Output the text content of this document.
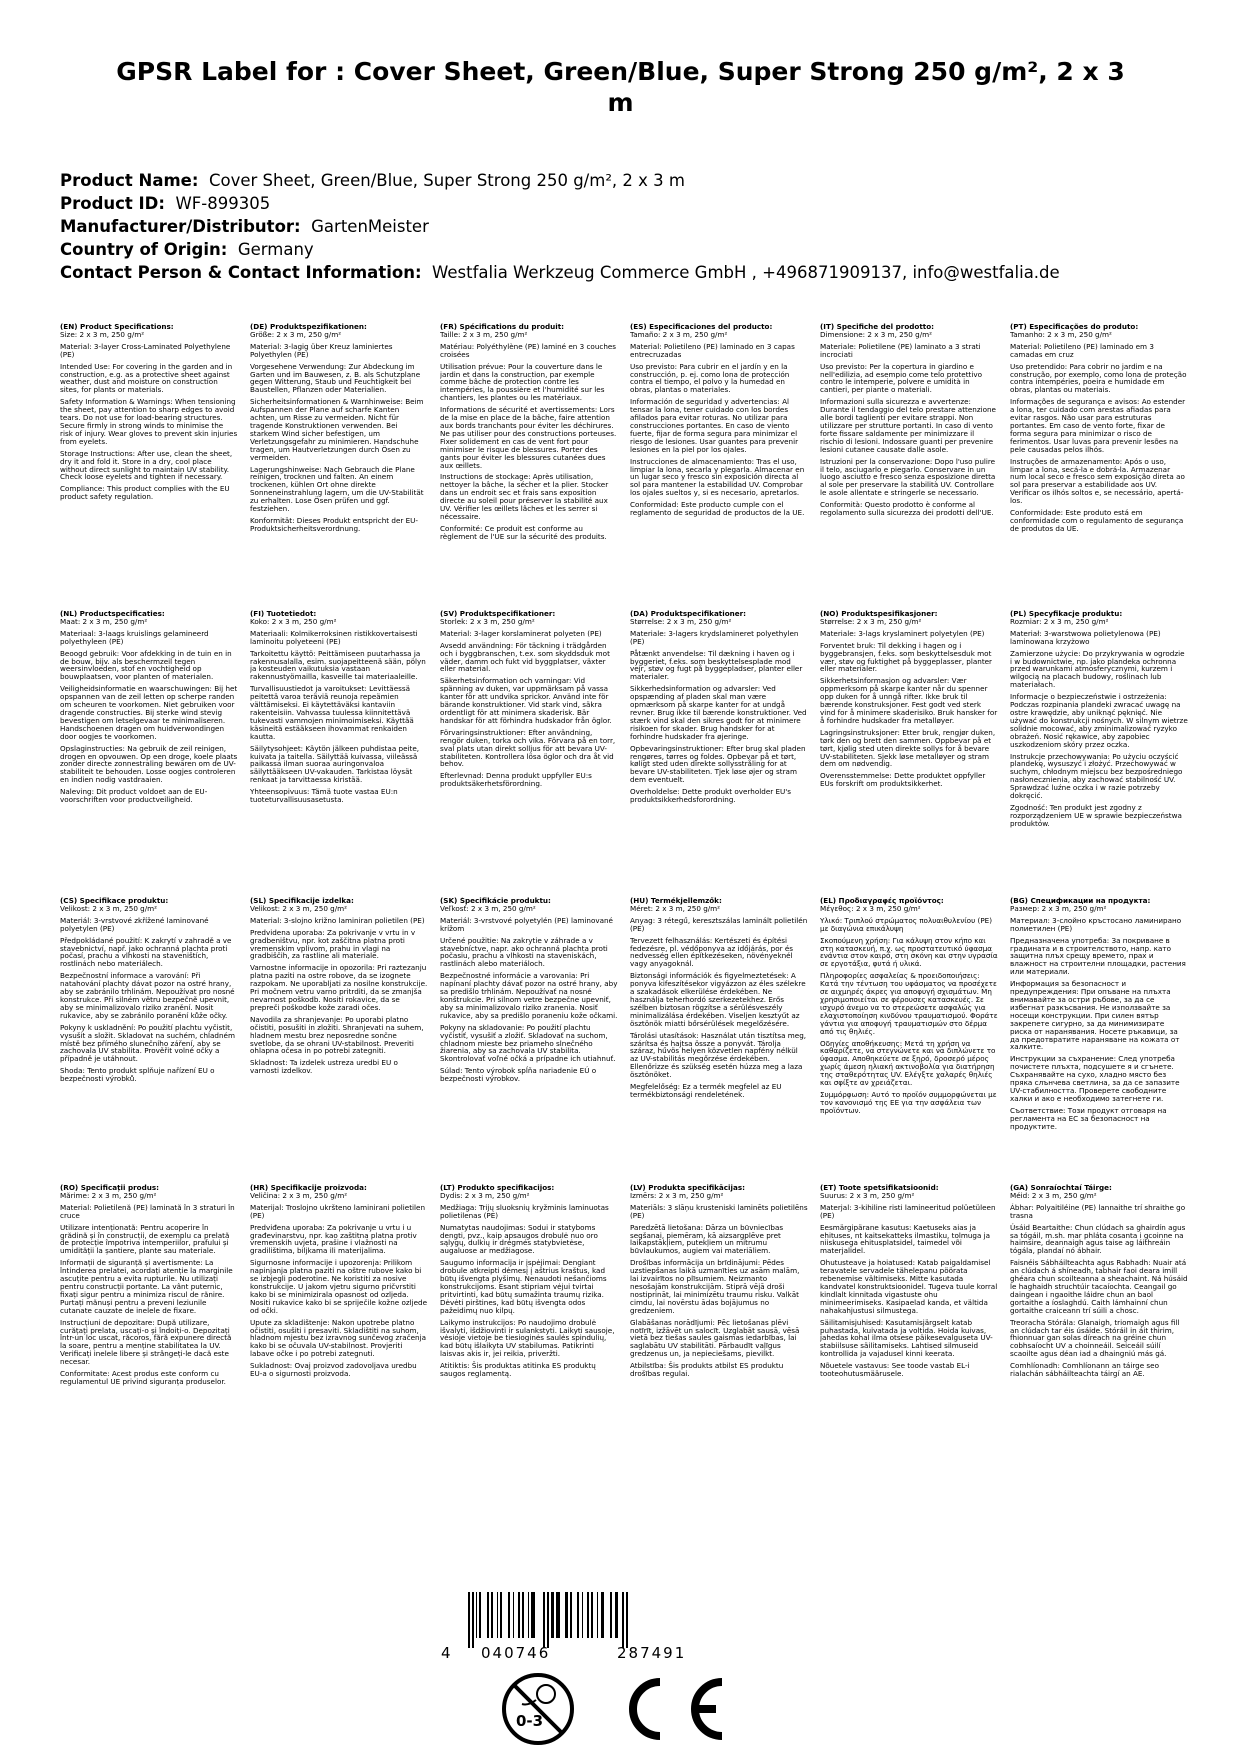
GPSR Label for : Cover Sheet, Green/Blue, Super Strong 250 g/m², 2 x 3 m
Product Name: Cover Sheet, Green/Blue, Super Strong 250 g/m², 2 x 3 m
Product ID: WF-899305
Manufacturer/Distributor: GartenMeister
Country of Origin: Germany
Contact Person & Contact Information: Westfalia Werkzeug Commerce GmbH , +496871909137, info@westfalia.de
(EN) Product Specifications:

Size: 2 x 3 m, 250 g/m²

Material: 3-layer Cross-Laminated Polyethylene (PE)

Intended Use: For covering in the garden and in construction, e.g. as a protective sheet against weather, dust and moisture on construction sites, for plants or materials.

Safety Information & Warnings: When tensioning the sheet, pay attention to sharp edges to avoid tears. Do not use for load-bearing structures. Secure firmly in strong winds to minimise the risk of injury. Wear gloves to prevent skin injuries from eyelets.

Storage Instructions: After use, clean the sheet, dry it and fold it. Store in a dry, cool place without direct sunlight to maintain UV stability. Check loose eyelets and tighten if necessary.

Compliance: This product complies with the EU product safety regulation.

(DE) Produktspezifikationen:

Größe: 2 x 3 m, 250 g/m²

Material: 3-lagig über Kreuz laminiertes Polyethylen (PE)

Vorgesehene Verwendung: Zur Abdeckung im Garten und im Bauwesen, z. B. als Schutzplane gegen Witterung, Staub und Feuchtigkeit bei Baustellen, Pflanzen oder Materialien.

Sicherheitsinformationen & Warnhinweise: Beim Aufspannen der Plane auf scharfe Kanten achten, um Risse zu vermeiden. Nicht für tragende Konstruktionen verwenden. Bei starkem Wind sicher befestigen, um Verletzungsgefahr zu minimieren. Handschuhe tragen, um Hautverletzungen durch Ösen zu vermeiden.

Lagerungshinweise: Nach Gebrauch die Plane reinigen, trocknen und falten. An einem trockenen, kühlen Ort ohne direkte Sonneneinstrahlung lagern, um die UV-Stabilität zu erhalten. Lose Ösen prüfen und ggf. festziehen.

Konformität: Dieses Produkt entspricht der EU-Produktsicherheitsverordnung.

(FR) Spécifications du produit:

Taille: 2 x 3 m, 250 g/m²

Matériau: Polyéthylène (PE) laminé en 3 couches croisées

Utilisation prévue: Pour la couverture dans le jardin et dans la construction, par exemple comme bâche de protection contre les intempéries, la poussière et l'humidité sur les chantiers, les plantes ou les matériaux.

Informations de sécurité et avertissements: Lors de la mise en place de la bâche, faire attention aux bords tranchants pour éviter les déchirures. Ne pas utiliser pour des constructions porteuses. Fixer solidement en cas de vent fort pour minimiser le risque de blessures. Porter des gants pour éviter les blessures cutanées dues aux œillets.

Instructions de stockage: Après utilisation, nettoyer la bâche, la sécher et la plier. Stocker dans un endroit sec et frais sans exposition directe au soleil pour préserver la stabilité aux UV. Vérifier les œillets lâches et les serrer si nécessaire.

Conformité: Ce produit est conforme au règlement de l'UE sur la sécurité des produits.

(ES) Especificaciones del producto:

Tamaño: 2 x 3 m, 250 g/m²

Material: Polietileno (PE) laminado en 3 capas entrecruzadas

Uso previsto: Para cubrir en el jardín y en la construcción, p. ej. como lona de protección contra el tiempo, el polvo y la humedad en obras, plantas o materiales.

Información de seguridad y advertencias: Al tensar la lona, tener cuidado con los bordes afilados para evitar roturas. No utilizar para construcciones portantes. En caso de viento fuerte, fijar de forma segura para minimizar el riesgo de lesiones. Usar guantes para prevenir lesiones en la piel por los ojales.

Instrucciones de almacenamiento: Tras el uso, limpiar la lona, secarla y plegarla. Almacenar en un lugar seco y fresco sin exposición directa al sol para mantener la estabilidad UV. Comprobar los ojales sueltos y, si es necesario, apretarlos.

Conformidad: Este producto cumple con el reglamento de seguridad de productos de la UE.

(IT) Specifiche del prodotto:

Dimensione: 2 x 3 m, 250 g/m²

Materiale: Polietilene (PE) laminato a 3 strati incrociati

Uso previsto: Per la copertura in giardino e nell'edilizia, ad esempio come telo protettivo contro le intemperie, polvere e umidità in cantieri, per piante o materiali.

Informazioni sulla sicurezza e avvertenze: Durante il tendaggio del telo prestare attenzione alle bordi taglienti per evitare strappi. Non utilizzare per strutture portanti. In caso di vento forte fissare saldamente per minimizzare il rischio di lesioni. Indossare guanti per prevenire lesioni cutanee causate dalle asole.

Istruzioni per la conservazione: Dopo l'uso pulire il telo, asciugarlo e piegarlo. Conservare in un luogo asciutto e fresco senza esposizione diretta al sole per preservare la stabilità UV. Controllare le asole allentate e stringerle se necessario.

Conformità: Questo prodotto è conforme al regolamento sulla sicurezza dei prodotti dell'UE.

(PT) Especificações do produto:

Tamanho: 2 x 3 m, 250 g/m²

Material: Polietileno (PE) laminado em 3 camadas em cruz

Uso pretendido: Para cobrir no jardim e na construção, por exemplo, como lona de proteção contra intempéries, poeira e humidade em obras, plantas ou materiais.

Informações de segurança e avisos: Ao estender a lona, ter cuidado com arestas afiadas para evitar rasgos. Não usar para estruturas portantes. Em caso de vento forte, fixar de forma segura para minimizar o risco de ferimentos. Usar luvas para prevenir lesões na pele causadas pelos ilhós.

Instruções de armazenamento: Após o uso, limpar a lona, secá-la e dobrá-la. Armazenar num local seco e fresco sem exposição direta ao sol para preservar a estabilidade aos UV. Verificar os ilhós soltos e, se necessário, apertá-los.

Conformidade: Este produto está em conformidade com o regulamento de segurança de produtos da UE.

(NL) Productspecificaties:

Maat: 2 x 3 m, 250 g/m²

Materiaal: 3-laags kruislings gelamineerd polyethyleen (PE)

Beoogd gebruik: Voor afdekking in de tuin en in de bouw, bijv. als beschermzeil tegen weersinvloeden, stof en vochtigheid op bouwplaatsen, voor planten of materialen.

Veiligheidsinformatie en waarschuwingen: Bij het opspannen van de zeil letten op scherpe randen om scheuren te voorkomen. Niet gebruiken voor dragende constructies. Bij sterke wind stevig bevestigen om letselgevaar te minimaliseren. Handschoenen dragen om huidverwondingen door oogjes te voorkomen.

Opslaginstructies: Na gebruik de zeil reinigen, drogen en opvouwen. Op een droge, koele plaats zonder directe zonnestraling bewaren om de UV-stabiliteit te behouden. Losse oogjes controleren en indien nodig vastdraaien.

Naleving: Dit product voldoet aan de EU-voorschriften voor productveiligheid.

(FI) Tuotetiedot:

Koko: 2 x 3 m, 250 g/m²

Materiaali: Kolmikerroksinen ristikkovertaisesti laminoitu polyeteeni (PE)

Tarkoitettu käyttö: Peittämiseen puutarhassa ja rakennusalalla, esim. suojapeitteenä sään, pölyn ja kosteuden vaikutuksia vastaan rakennustyömailla, kasveille tai materiaaleille.

Turvallisuustiedot ja varoitukset: Levittäessä peitettä varoa teräviä reunoja repeämien välttämiseksi. Ei käytettäväksi kantaviin rakenteisiin. Vahvassa tuulessa kiinnitettävä tukevasti vammojen minimoimiseksi. Käyttää käsineitä estääkseen ihovammat renkaiden kautta.

Säilytysohjeet: Käytön jälkeen puhdistaa peite, kuivata ja taitella. Säilyttää kuivassa, viileässä paikassa ilman suoraa auringonvaloa säilyttääkseen UV-vakauden. Tarkistaa löysät renkaat ja tarvittaessa kiristää.

Yhteensopivuus: Tämä tuote vastaa EU:n tuoteturvallisuusasetusta.

(SV) Produktspecifikationer:

Storlek: 2 x 3 m, 250 g/m²

Material: 3-lager korslaminerat polyeten (PE)

Avsedd användning: För täckning i trädgården och i byggbranschen, t.ex. som skyddsduk mot väder, damm och fukt vid byggplatser, växter eller material.

Säkerhetsinformation och varningar: Vid spänning av duken, var uppmärksam på vassa kanter för att undvika sprickor. Använd inte för bärande konstruktioner. Vid stark vind, säkra ordentligt för att minimera skaderisk. Bär handskar för att förhindra hudskador från öglor.

Förvaringsinstruktioner: Efter användning, rengör duken, torka och vika. Förvara på en torr, sval plats utan direkt solljus för att bevara UV-stabiliteten. Kontrollera lösa öglor och dra åt vid behov.

Efterlevnad: Denna produkt uppfyller EU:s produktsäkerhetsförordning.

(DA) Produktspecifikationer:

Størrelse: 2 x 3 m, 250 g/m²

Materiale: 3-lagers krydslamineret polyethylen (PE)

Påtænkt anvendelse: Til dækning i haven og i byggeriet, f.eks. som beskyttelsesplade mod vejr, støv og fugt på byggepladser, planter eller materialer.

Sikkerhedsinformation og advarsler: Ved opspænding af pladen skal man være opmærksom på skarpe kanter for at undgå revner. Brug ikke til bærende konstruktioner. Ved stærk vind skal den sikres godt for at minimere risikoen for skader. Brug handsker for at forhindre hudskader fra øjeringe.

Opbevaringsinstruktioner: Efter brug skal pladen rengøres, tørres og foldes. Opbevar på et tørt, køligt sted uden direkte sollysstråling for at bevare UV-stabiliteten. Tjek løse øjer og stram dem eventuelt.

Overholdelse: Dette produkt overholder EU's produktsikkerhedsforordning.

(NO) Produktspesifikasjoner:

Størrelse: 2 x 3 m, 250 g/m²

Materiale: 3-lags kryslaminert polyetylen (PE)

Forventet bruk: Til dekking i hagen og i byggebransjen, f.eks. som beskyttelsesduk mot vær, støv og fuktighet på byggeplasser, planter eller materialer.

Sikkerhetsinformasjon og advarsler: Vær oppmerksom på skarpe kanter når du spenner opp duken for å unngå rifter. Ikke bruk til bærende konstruksjoner. Fest godt ved sterk vind for å minimere skaderisiko. Bruk hansker for å forhindre hudskader fra metalløyer.

Lagringsinstruksjoner: Etter bruk, rengjør duken, tørk den og brett den sammen. Oppbevar på et tørt, kjølig sted uten direkte sollys for å bevare UV-stabiliteten. Sjekk løse metalløyer og stram dem om nødvendig.

Overensstemmelse: Dette produktet oppfyller EUs forskrift om produktsikkerhet.

(PL) Specyfikacje produktu:

Rozmiar: 2 x 3 m, 250 g/m²

Materiał: 3-warstwowa polietylenowa (PE) laminowana krzyżowo

Zamierzone użycie: Do przykrywania w ogrodzie i w budownictwie, np. jako plandeka ochronna przed warunkami atmosferycznymi, kurzem i wilgocią na placach budowy, roślinach lub materiałach.

Informacje o bezpieczeństwie i ostrzeżenia: Podczas rozpinania plandeki zwracać uwagę na ostre krawędzie, aby uniknąć pęknięć. Nie używać do konstrukcji nośnych. W silnym wietrze solidnie mocować, aby zminimalizować ryzyko obrażeń. Nosić rękawice, aby zapobiec uszkodzeniom skóry przez oczka.

Instrukcje przechowywania: Po użyciu oczyścić plandekę, wysuszyć i złożyć. Przechowywać w suchym, chłodnym miejscu bez bezpośredniego nasłonecznienia, aby zachować stabilność UV. Sprawdzać luźne oczka i w razie potrzeby dokręcić.

Zgodność: Ten produkt jest zgodny z rozporządzeniem UE w sprawie bezpieczeństwa produktów.

(CS) Specifikace produktu:

Velikost: 2 x 3 m, 250 g/m²

Materiál: 3-vrstvové zkřížené laminované polyetylen (PE)

Předpokládané použití: K zakrytí v zahradě a ve stavebnictví, např. jako ochranná plachta proti počasí, prachu a vlhkosti na staveništích, rostlinách nebo materiálech.

Bezpečnostní informace a varování: Při natahování plachty dávat pozor na ostré hrany, aby se zabránilo trhlinám. Nepoužívat pro nosné konstrukce. Při silném větru bezpečně upevnit, aby se minimalizovalo riziko zranění. Nosit rukavice, aby se zabránilo poranění kůže očky.

Pokyny k uskladnění: Po použití plachtu vyčistit, vysušit a složit. Skladovat na suchém, chladném místě bez přímého slunečního záření, aby se zachovala UV stabilita. Prověřit volné očky a případně je utáhnout.

Shoda: Tento produkt splňuje nařízení EU o bezpečnosti výrobků.

(SL) Specifikacije izdelka:

Velikost: 2 x 3 m, 250 g/m²

Material: 3-slojno križno laminiran polietilen (PE)

Predvidena uporaba: Za pokrivanje v vrtu in v gradbeništvu, npr. kot zaščitna platna proti vremenskim vplivom, prahu in vlagi na gradbiščih, za rastline ali materiale.

Varnostne informacije in opozorila: Pri raztezanju platna paziti na ostre robove, da se izognete razpokam. Ne uporabljati za nosilne konstrukcije. Pri močnem vetru varno pritrditi, da se zmanjša nevarnost poškodb. Nositi rokavice, da se prepreči poškodbe kože zaradi očes.

Navodila za shranjevanje: Po uporabi platno očistiti, posušiti in zložiti. Shranjevati na suhem, hladnem mestu brez neposredne sončne svetlobe, da se ohrani UV-stabilnost. Preveriti ohlapna očesa in po potrebi zategniti.

Skladnost: Ta izdelek ustreza uredbi EU o varnosti izdelkov.

(SK) Špecifikácie produktu:

Veľkosť: 2 x 3 m, 250 g/m²

Materiál: 3-vrstvové polyetylén (PE) laminované krížom

Určené použitie: Na zakrytie v záhrade a v stavebníctve, napr. ako ochranná plachta proti počasiu, prachu a vlhkosti na staveniskách, rastlinách alebo materiáloch.

Bezpečnostné informácie a varovania: Pri napínaní plachty dávať pozor na ostré hrany, aby sa predišlo trhlinám. Nepoužívať na nosné konštrukcie. Pri silnom vetre bezpečne upevniť, aby sa minimalizovalo riziko zranenia. Nosiť rukavice, aby sa predišlo poraneniu kože očkami.

Pokyny na skladovanie: Po použití plachtu vyčistiť, vysušiť a zložiť. Skladovať na suchom, chladnom mieste bez priameho slnečného žiarenia, aby sa zachovala UV stabilita. Skontrolovať voľné očká a prípadne ich utiahnuť.

Súlad: Tento výrobok spĺňa nariadenie EÚ o bezpečnosti výrobkov.

(HU) Termékjellemzők:

Méret: 2 x 3 m, 250 g/m²

Anyag: 3 rétegű, keresztszálas laminált polietilén (PE)

Tervezett felhasználás: Kertészeti és építési fedezésre, pl. védőponyva az időjárás, por és nedvesség ellen építkezéseken, növényeknél vagy anyagoknál.

Biztonsági információk és figyelmeztetések: A ponyva kifeszítésekor vigyázzon az éles szélekre a szakadások elkerülése érdekében. Ne használja teherhordó szerkezetekhez. Erős szélben biztosan rögzítse a sérülésveszély minimalizálása érdekében. Viseljen kesztyűt az ösztönök miatti bőrsérülések megelőzésére.

Tárolási utasítások: Használat után tisztítsa meg, szárítsa és hajtsa össze a ponyvát. Tárolja száraz, hűvös helyen közvetlen napfény nélkül az UV-stabilitás megőrzése érdekében. Ellenőrizze és szükség esetén húzza meg a laza ösztönöket.

Megfelelőség: Ez a termék megfelel az EU termékbiztonsági rendeletének.

(EL) Προδιαγραφές προϊόντος:

Μέγεθος: 2 x 3 m, 250 g/m²

Υλικό: Τριπλού στρώματος πολυαιθυλενίου (PE) με διαγώνια επικάλυψη

Σκοπούμενη χρήση: Για κάλυψη στον κήπο και στη κατασκευή, π.χ. ως προστατευτικό ύφασμα ενάντια στον καιρό, στη σκόνη και στην υγρασία σε εργοτάξια, φυτά ή υλικά.

Πληροφορίες ασφαλείας & προειδοποιήσεις: Κατά την τέντωση του υφάσματος να προσέχετε σε αιχμηρές άκρες για αποφυγή σχισμάτων. Μη χρησιμοποιείται σε φέρουσες κατασκευές. Σε ισχυρό άνεμο να το στερεώσετε ασφαλώς για ελαχιστοποίηση κινδύνου τραυματισμού. Φοράτε γάντια για αποφυγή τραυματισμών στο δέρμα από τις θηλιές.

Οδηγίες αποθήκευσης: Μετά τη χρήση να καθαρίζετε, να στεγνώνετε και να διπλώνετε το ύφασμα. Αποθηκεύετε σε ξηρό, δροσερό μέρος χωρίς άμεση ηλιακή ακτινοβολία για διατήρηση της σταθερότητας UV. Ελέγξτε χαλαρές θηλιές και σφίξτε αν χρειάζεται.

Συμμόρφωση: Αυτό το προϊόν συμμορφώνεται με τον κανονισμό της ΕΕ για την ασφάλεια των προϊόντων.

(BG) Спецификации на продукта:

Размер: 2 x 3 m, 250 g/m²

Материал: 3-слойно кръстосано ламинирано полиетилен (PE)

Предназначена употреба: За покриване в градината и в строителството, напр. като защитна плъх срещу времето, прах и влажност на строителни площадки, растения или материали.

Информация за безопасност и предупреждения: При опъване на плъхта внимавайте за остри ръбове, за да се избегнат разкъсвания. Не използвайте за носещи конструкции. При силен вятър закрепете сигурно, за да минимизирате риска от наранявания. Носете ръкавици, за да предотвратите нараняване на кожата от халките.

Инструкции за съхранение: След употреба почистете плъхта, подсушете я и сгънете. Съхранявайте на сухо, хладно място без пряка слънчева светлина, за да се запазите UV-стабилността. Проверете свободните халки и ако е необходимо затегнете ги.

Съответствие: Този продукт отговаря на регламента на ЕС за безопасност на продуктите.

(RO) Specificații produs:

Mărime: 2 x 3 m, 250 g/m²

Material: Polietilenă (PE) laminată în 3 straturi în cruce

Utilizare intenționată: Pentru acoperire în grădină și în construcții, de exemplu ca prelată de protecție împotriva intemperiilor, prafului și umidității la șantiere, plante sau materiale.

Informații de siguranță și avertismente: La întinderea prelatei, acordați atenție la marginile ascuțite pentru a evita rupturile. Nu utilizați pentru construcții portante. La vânt puternic, fixați sigur pentru a minimiza riscul de rănire. Purtați mănuși pentru a preveni leziunile cutanate cauzate de inelele de fixare.

Instrucțiuni de depozitare: După utilizare, curățați prelata, uscați-o și îndoiți-o. Depozitați într-un loc uscat, răcoros, fără expunere directă la soare, pentru a menține stabilitatea la UV. Verificați inelele libere și strângeți-le dacă este necesar.

Conformitate: Acest produs este conform cu regulamentul UE privind siguranța produselor.

(HR) Specifikacije proizvoda:

Veličina: 2 x 3 m, 250 g/m²

Materijal: Troslojno ukršteno laminirani polietilen (PE)

Predviđena uporaba: Za pokrivanje u vrtu i u građevinarstvu, npr. kao zaštitna platna protiv vremenskih uvjeta, prašine i vlažnosti na gradilištima, biljkama ili materijalima.

Sigurnosne informacije i upozorenja: Prilikom napinjanja platna paziti na oštre rubove kako bi se izbjegli poderotine. Ne koristiti za nosive konstrukcije. U jakom vjetru sigurno pričvrstiti kako bi se minimizirala opasnost od ozljeda. Nositi rukavice kako bi se spriječile kožne ozljede od očki.

Upute za skladištenje: Nakon upotrebe platno očistiti, osušiti i presaviti. Skladištiti na suhom, hladnom mjestu bez izravnog sunčevog zračenja kako bi se očuvala UV-stabilnost. Provjeriti labave očke i po potrebi zategnuti.

Sukladnost: Ovaj proizvod zadovoljava uredbu EU-a o sigurnosti proizvoda.

(LT) Produkto specifikacijos:

Dydis: 2 x 3 m, 250 g/m²

Medžiaga: Trijų sluoksnių kryžminis laminuotas polietilenas (PE)

Numatytas naudojimas: Sodui ir statyboms dengti, pvz., kaip apsaugos drobulė nuo oro sąlygų, dulkių ir drėgmės statybvietėse, augaluose ar medžiagose.

Saugumo informacija ir įspėjimai: Dengiant drobule atkreipti dėmesį į aštrius kraštus, kad būtų išvengta plyšimų. Nenaudoti nešančioms konstrukcijoms. Esant stipriam vėjui tvirtai pritvirtinti, kad būtų sumažinta traumų rizika. Dėvėti pirštines, kad būtų išvengta odos pažeidimų nuo kilpų.

Laikymo instrukcijos: Po naudojimo drobulė išvalyti, išdžiovinti ir sulankstyti. Laikyti sausoje, vėsioje vietoje be tiesioginės saulės spindulių, kad būtų išlaikyta UV stabilumas. Patikrinti laisvas akis ir, jei reikia, priveržti.

Atitiktis: Šis produktas atitinka ES produktų saugos reglamentą.

(LV) Produkta specifikācijas:

Izmērs: 2 x 3 m, 250 g/m²

Materiāls: 3 slāņu krusteniski laminēts polietilēns (PE)

Paredzētā lietošana: Dārza un būvniecības segšanai, piemēram, kā aizsargplēve pret laikapstākļiem, putekļiem un mitrumu būvlaukumos, augiem vai materiāliem.

Drošības informācija un brīdinājumi: Pēdes uzstiepšanas laikā uzmanīties uz asām malām, lai izvairītos no plīsumiem. Neizmanto nesošajām konstrukcijām. Stiprā vējā droši nostiprināt, lai minimizētu traumu risku. Valkāt cimdu, lai novērstu ādas bojājumus no gredzeniem.

Glabāšanas norādījumi: Pēc lietošanas plēvi notīrīt, izžāvēt un salocīt. Uzglabāt sausā, vēsā vietā bez tiešas saules gaismas iedarbības, lai saglabātu UV stabilitāti. Pārbaudīt vaļīgus gredzenus un, ja nepieciešams, pievilkt.

Atbilstība: Šis produkts atbilst ES produktu drošības regulai.

(ET) Toote spetsifikatsioonid:

Suurus: 2 x 3 m, 250 g/m²

Materjal: 3-kihiline risti lamineeritud polüetüleen (PE)

Eesmärgipärane kasutus: Kaetuseks aias ja ehituses, nt kaitsekatteks ilmastiku, tolmuga ja niiskusega ehitusplatsidel, taimedel või materjalidel.

Ohutusteave ja hoiatused: Katab paigaldamisel teravatele servadele tähelepanu pöörata rebenemise vältimiseks. Mitte kasutada kandvatel konstruktsioonidel. Tugeva tuule korral kindlalt kinnitada vigastuste ohu minimeerimiseks. Kasipaelad kanda, et vältida nahakahjustusi silmustega.

Säilitamisjuhised: Kasutamisjärgselt katab puhastada, kuivatada ja voltida. Hoida kuivas, jahedas kohal ilma otsese päikesevalguseta UV-stabiilsuse säilitamiseks. Lahtised silmuseid kontrollida ja vajadusel kinni keerata.

Nõuetele vastavus: See toode vastab EL-i tooteohutusmäärusele.

(GA) Sonraíochtaí Táirge:

Méid: 2 x 3 m, 250 g/m²

Ábhar: Polyaitiléine (PE) lannaithe trí shraithe go trasna

Úsáid Beartaithe: Chun clúdach sa ghairdín agus sa tógáil, m.sh. mar phláta cosanta i gcoinne na haimsire, deannaigh agus taise ag láithreáin tógála, plandaí nó ábhair.

Faisnéis Sábháilteachta agus Rabhadh: Nuair atá an clúdach á shíneadh, tabhair faoi deara imill ghéara chun scoilteanna a sheachaint. Ná húsáid le haghaidh struchtúir tacaíochta. Ceangail go daingean i ngaoithe láidre chun an baol gortaithe a íoslaghdú. Caith lámhainní chun gortaithe craiceann trí súili a chosc.

Treoracha Stórála: Glanaigh, triomaigh agus fill an clúdach tar éis úsáide. Stóráil in áit thirim, fhionnuar gan solas díreach na gréine chun cobhsaíocht UV a choinneáil. Seiceáil súilí scaoilte agus déan iad a dhaingniú más gá.

Comhlíonadh: Comhlíonann an táirge seo rialachán sábháilteachta táirgí an AE.

4 040746	287491
0-3
